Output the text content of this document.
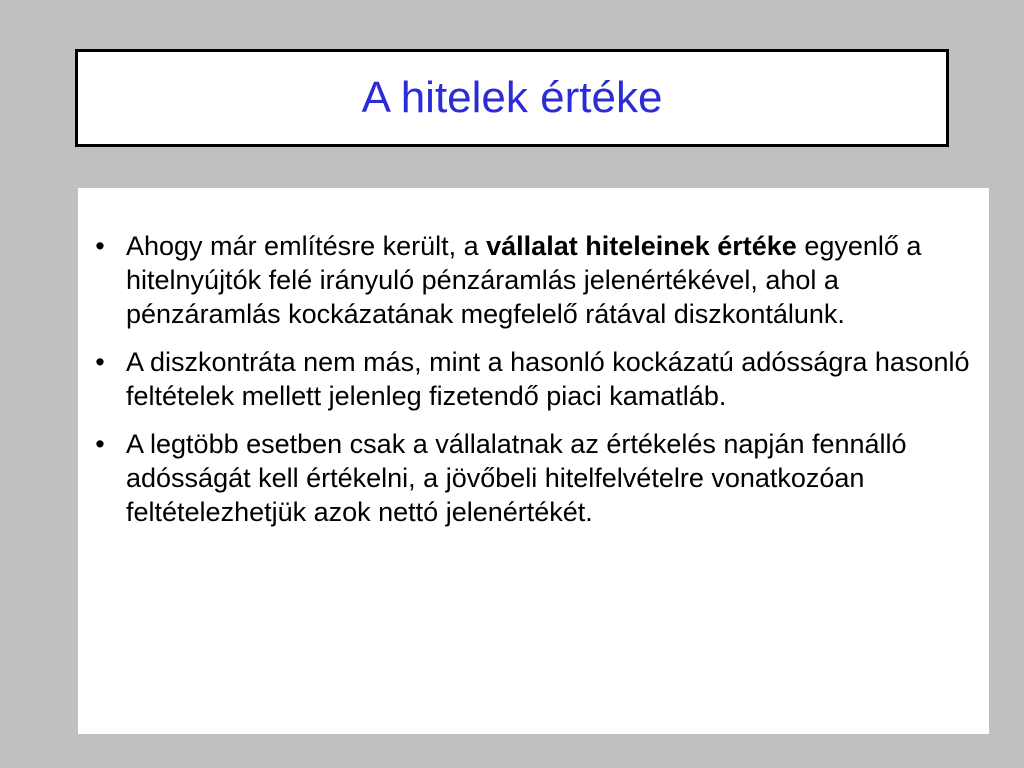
A hitelek értéke
• Ahogy már említésre került, a vállalat hiteleinek értéke egyenlő a hitelnyújtók felé irányuló pénzáramlás jelenértékével, ahol a pénzáramlás kockázatának megfelelő rátával diszkontálunk.
• A diszkontráta nem más, mint a hasonló kockázatú adósságra hasonló feltételek mellett jelenleg fizetendő piaci kamatláb.
• A legtöbb esetben csak a vállalatnak az értékelés napján fennálló adósságát kell értékelni, a jövőbeli hitelfelvételre vonatkozóan feltételezhetjük azok nettó jelenértékét.
